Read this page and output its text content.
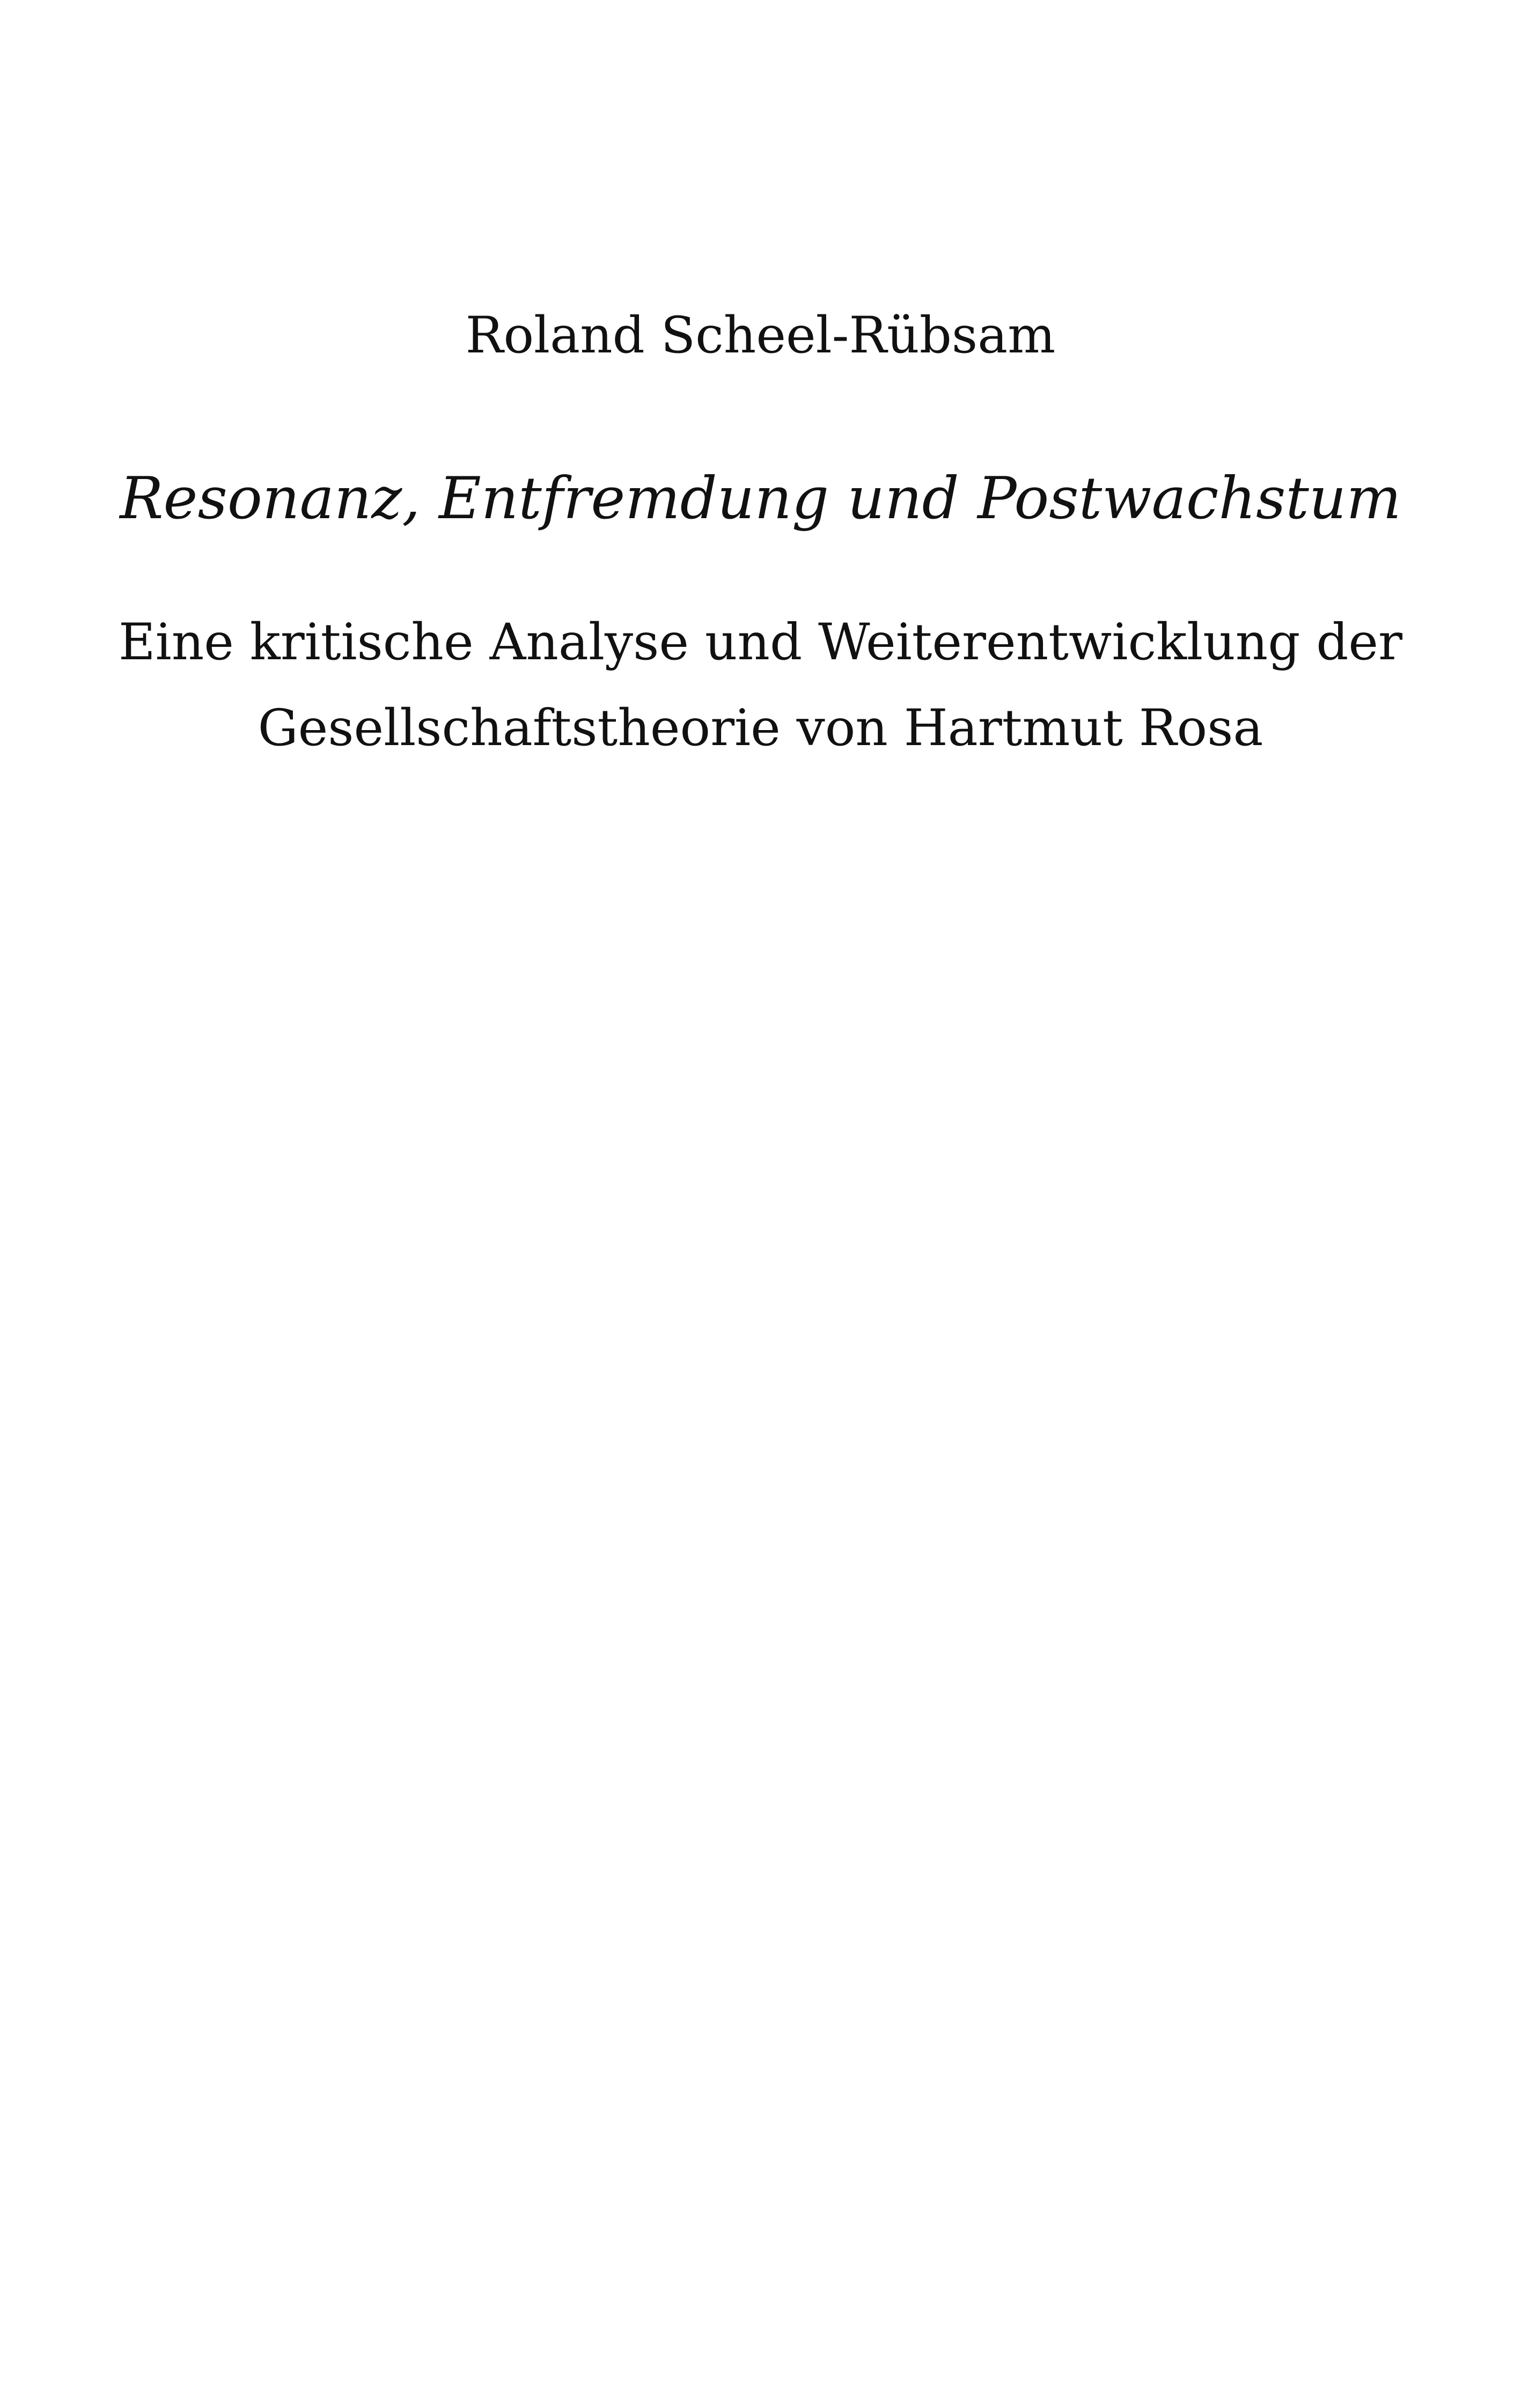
Roland Scheel-Rübsam
Resonanz, Entfremdung und Postwachstum
Eine kritische Analyse und Weiterentwicklung der
Gesellschaftstheorie von Hartmut Rosa
